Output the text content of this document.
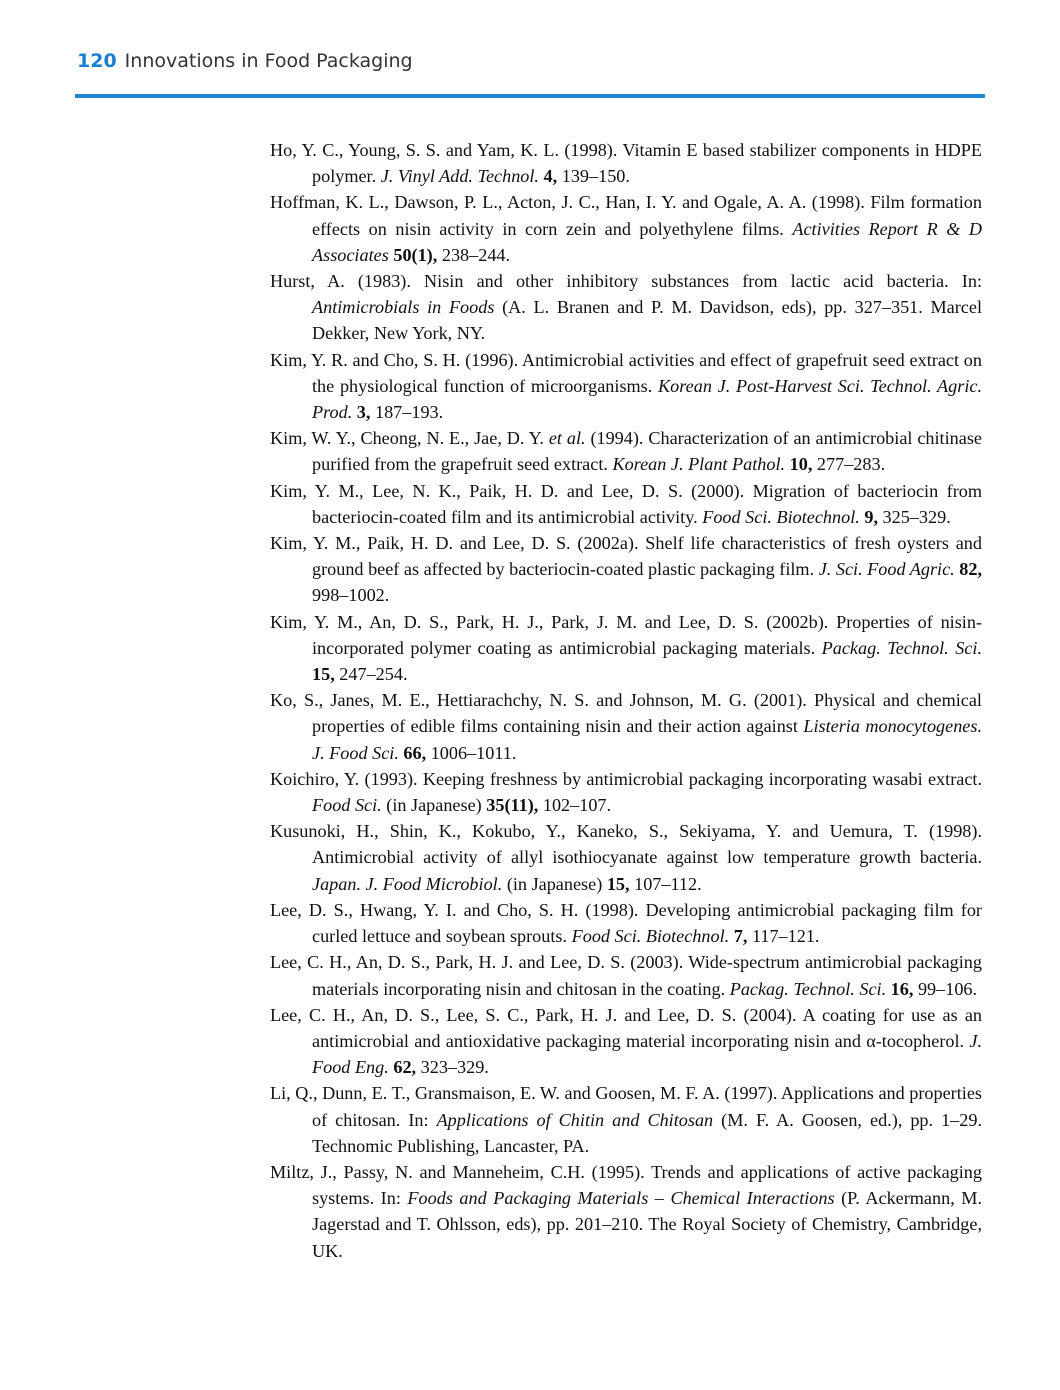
120 Innovations in Food Packaging

Ho, Y. C., Young, S. S. and Yam, K. L. (1998). Vitamin E based stabilizer components in HDPE polymer. J. Vinyl Add. Technol. 4, 139–150.

Hoffman, K. L., Dawson, P. L., Acton, J. C., Han, I. Y. and Ogale, A. A. (1998). Film formation effects on nisin activity in corn zein and polyethylene films. Activities Report R & D Associates 50(1), 238–244.

Hurst, A. (1983). Nisin and other inhibitory substances from lactic acid bacteria. In: Antimicrobials in Foods (A. L. Branen and P. M. Davidson, eds), pp. 327–351. Marcel Dekker, New York, NY.

Kim, Y. R. and Cho, S. H. (1996). Antimicrobial activities and effect of grapefruit seed extract on the physiological function of microorganisms. Korean J. Post-Harvest Sci. Technol. Agric. Prod. 3, 187–193.

Kim, W. Y., Cheong, N. E., Jae, D. Y. et al. (1994). Characterization of an antimicrobial chitinase purified from the grapefruit seed extract. Korean J. Plant Pathol. 10, 277–283.

Kim, Y. M., Lee, N. K., Paik, H. D. and Lee, D. S. (2000). Migration of bacteriocin from bacteriocin-coated film and its antimicrobial activity. Food Sci. Biotechnol. 9, 325–329.

Kim, Y. M., Paik, H. D. and Lee, D. S. (2002a). Shelf life characteristics of fresh oysters and ground beef as affected by bacteriocin-coated plastic packaging film. J. Sci. Food Agric. 82, 998–1002.

Kim, Y. M., An, D. S., Park, H. J., Park, J. M. and Lee, D. S. (2002b). Properties of nisin-incorporated polymer coating as antimicrobial packaging materials. Packag. Technol. Sci. 15, 247–254.

Ko, S., Janes, M. E., Hettiarachchy, N. S. and Johnson, M. G. (2001). Physical and chemical properties of edible films containing nisin and their action against Listeria monocytogenes. J. Food Sci. 66, 1006–1011.

Koichiro, Y. (1993). Keeping freshness by antimicrobial packaging incorporating wasabi extract. Food Sci. (in Japanese) 35(11), 102–107.

Kusunoki, H., Shin, K., Kokubo, Y., Kaneko, S., Sekiyama, Y. and Uemura, T. (1998). Antimicrobial activity of allyl isothiocyanate against low temperature growth bacteria. Japan. J. Food Microbiol. (in Japanese) 15, 107–112.

Lee, D. S., Hwang, Y. I. and Cho, S. H. (1998). Developing antimicrobial packaging film for curled lettuce and soybean sprouts. Food Sci. Biotechnol. 7, 117–121.

Lee, C. H., An, D. S., Park, H. J. and Lee, D. S. (2003). Wide-spectrum antimicrobial packaging materials incorporating nisin and chitosan in the coating. Packag. Technol. Sci. 16, 99–106.

Lee, C. H., An, D. S., Lee, S. C., Park, H. J. and Lee, D. S. (2004). A coating for use as an antimicrobial and antioxidative packaging material incorporating nisin and α-tocopherol. J. Food Eng. 62, 323–329.

Li, Q., Dunn, E. T., Gransmaison, E. W. and Goosen, M. F. A. (1997). Applications and properties of chitosan. In: Applications of Chitin and Chitosan (M. F. A. Goosen, ed.), pp. 1–29. Technomic Publishing, Lancaster, PA.

Miltz, J., Passy, N. and Manneheim, C.H. (1995). Trends and applications of active packaging systems. In: Foods and Packaging Materials – Chemical Interactions (P. Ackermann, M. Jagerstad and T. Ohlsson, eds), pp. 201–210. The Royal Society of Chemistry, Cambridge, UK.
